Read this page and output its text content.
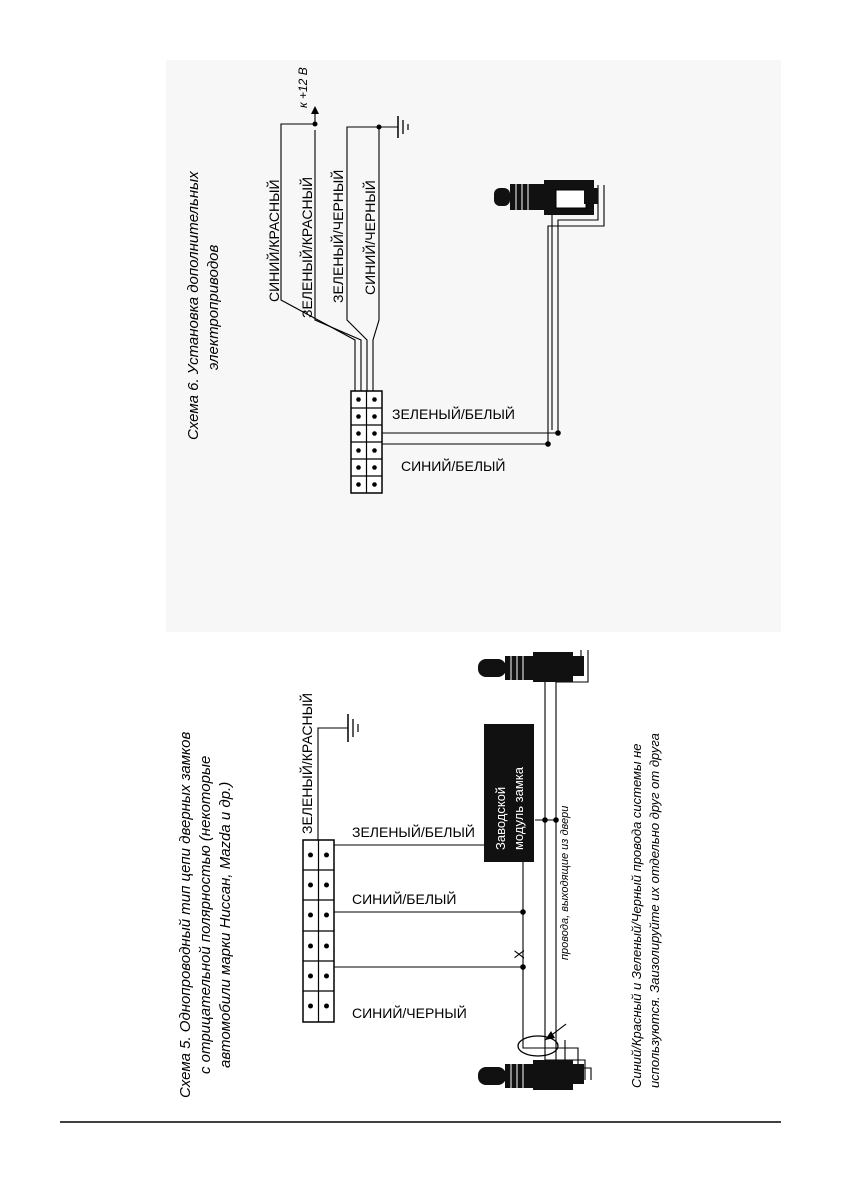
Схема 6. Установка дополнительных электроприводов
СИНИЙ/КРАСНЫЙ ЗЕЛЕНЫЙ/КРАСНЫЙ ЗЕЛЕНЫЙ/ЧЕРНЫЙ СИНИЙ/ЧЕРНЫЙ
к +12 В
ЗЕЛЕНЫЙ/БЕЛЫЙ
СИНИЙ/БЕЛЫЙ
Схема 5. Однопроводный тип цепи дверных замков с отрицательной полярностью (некоторые автомобили марки Ниссан, Mazda и др.)
ЗЕЛЕНЫЙ/КРАСНЫЙ
X
ЗЕЛЕНЫЙ/БЕЛЫЙ
СИНИЙ/БЕЛЫЙ
СИНИЙ/ЧЕРНЫЙ
Заводской модуль замка	провода, выходящие из двери	Синий/Красный и Зеленый/Черный провода системы не используются. Заизолируйте их отдельно друг от друга
